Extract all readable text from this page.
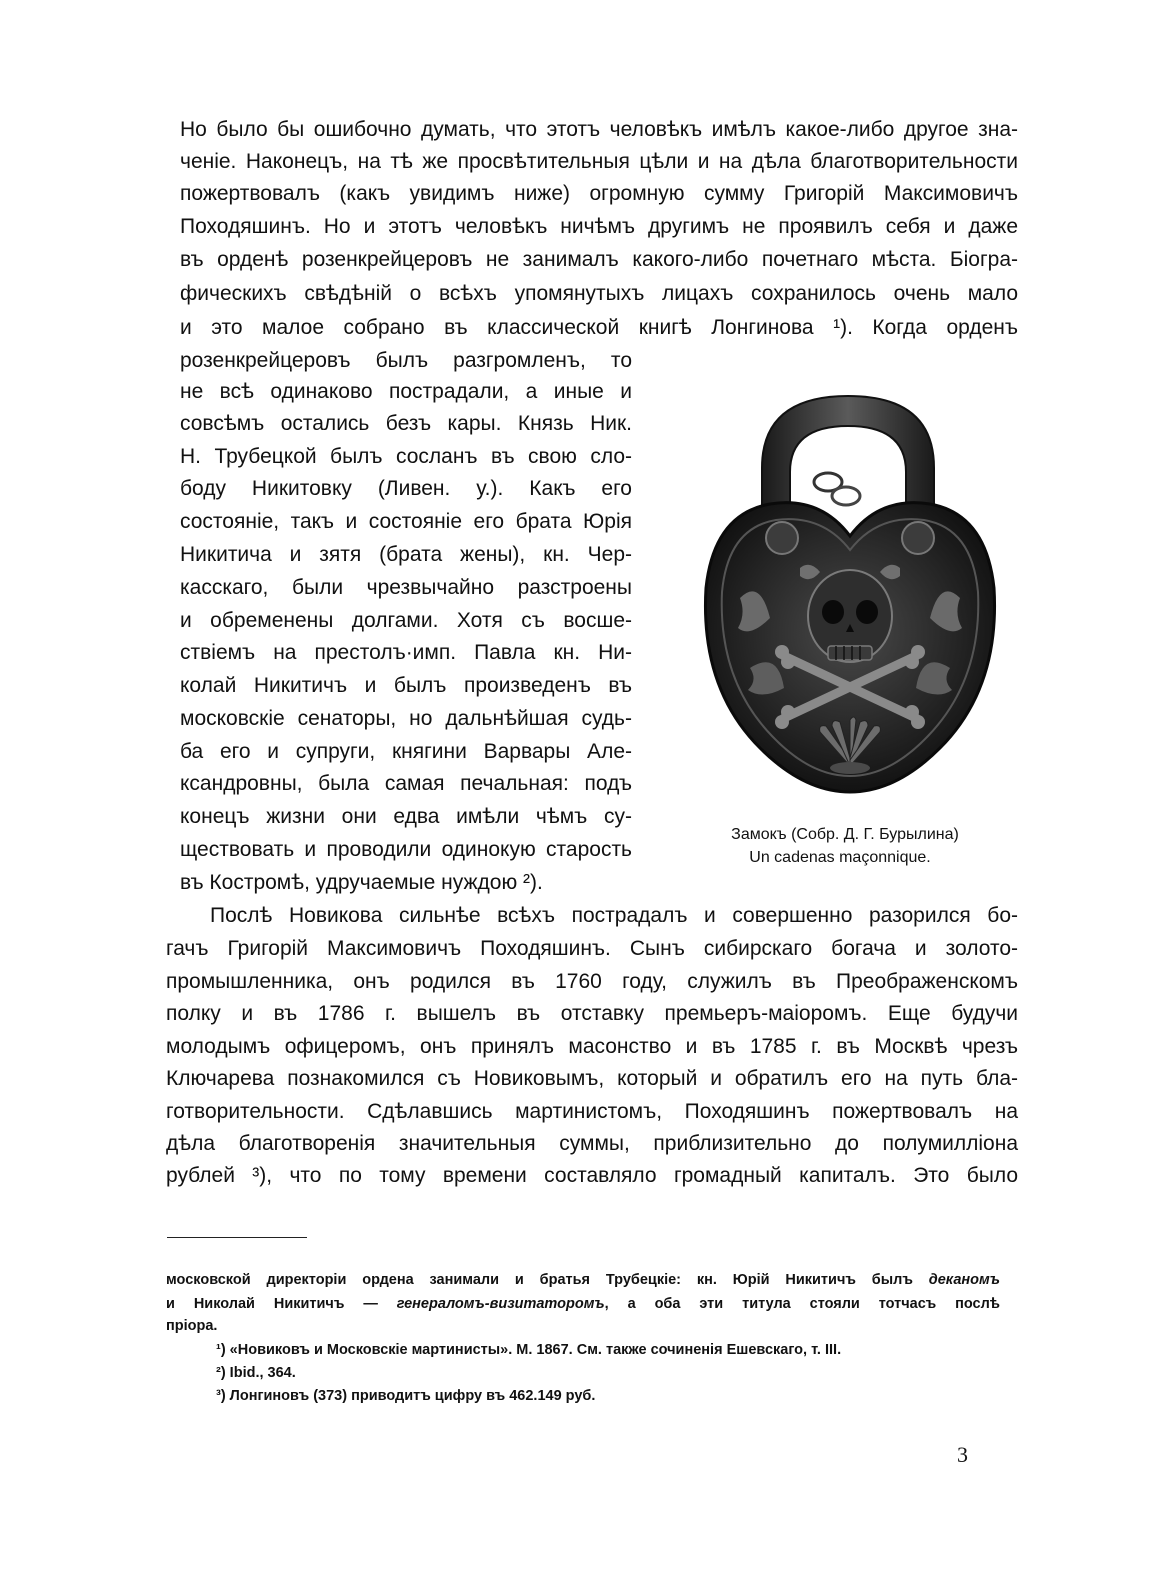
Но было бы ошибочно думать, что этотъ человѣкъ имѣлъ какое-либо другое зна-
ченіе. Наконецъ, на тѣ же просвѣтительныя цѣли и на дѣла благотворительности
пожертвовалъ (какъ увидимъ ниже) огромную сумму Григорій Максимовичъ
Походяшинъ. Но и этотъ человѣкъ ничѣмъ другимъ не проявилъ себя и даже
въ орденѣ розенкрейцеровъ не занималъ какого-либо почетнаго мѣста. Біогра-
фическихъ свѣдѣній о всѣхъ упомянутыхъ лицахъ сохранилось очень мало
и это малое собрано въ классической книгѣ Лонгинова ¹). Когда орденъ
розенкрейцеровъ былъ разгромленъ, то
не всѣ одинаково пострадали, а иные и
совсѣмъ остались безъ кары. Князь Ник.
Н. Трубецкой былъ сосланъ въ свою сло-
боду Никитовку (Ливен. у.). Какъ его
состояніе, такъ и состояніе его брата Юрія
Никитича и зятя (брата жены), кн. Чер-
касскаго, были чрезвычайно разстроены
и обременены долгами. Хотя съ восше-
ствіемъ на престолъ·имп. Павла кн. Ни-
колай Никитичъ и былъ произведенъ въ
московскіе сенаторы, но дальнѣйшая судь-
ба его и супруги, княгини Варвары Але-
ксандровны, была самая печальная: подъ
конецъ жизни они едва имѣли чѣмъ су-
ществовать и проводили одинокую старость
въ Костромѣ, удручаемые нуждою ²).
Замокъ (Собр. Д. Г. Бурылина)
Un cadenas maçonnique.
Послѣ Новикова сильнѣе всѣхъ пострадалъ и совершенно разорился бо-
гачъ Григорій Максимовичъ Походяшинъ. Сынъ сибирскаго богача и золото-
промышленника, онъ родился въ 1760 году, служилъ въ Преображенскомъ
полку и въ 1786 г. вышелъ въ отставку премьеръ-маіоромъ. Еще будучи
молодымъ офицеромъ, онъ принялъ масонство и въ 1785 г. въ Москвѣ чрезъ
Ключарева познакомился съ Новиковымъ, который и обратилъ его на путь бла-
готворительности. Сдѣлавшись мартинистомъ, Походяшинъ пожертвовалъ на
дѣла благотворенія значительныя суммы, приблизительно до полумилліона
рублей ³), что по тому времени составляло громадный капиталъ. Это было
московской директоріи ордена занимали и братья Трубецкіе: кн. Юрій Никитичъ былъ деканомъ
и Николай Никитичъ — генераломъ-визитаторомъ, а оба эти титула стояли тотчасъ послѣ
пріора.
¹) «Новиковъ и Московскіе мартинисты». М. 1867. См. также сочиненія Ешевскаго, т. III.
²) Ibid., 364.
³) Лонгиновъ (373) приводитъ цифру въ 462.149 руб.
3
